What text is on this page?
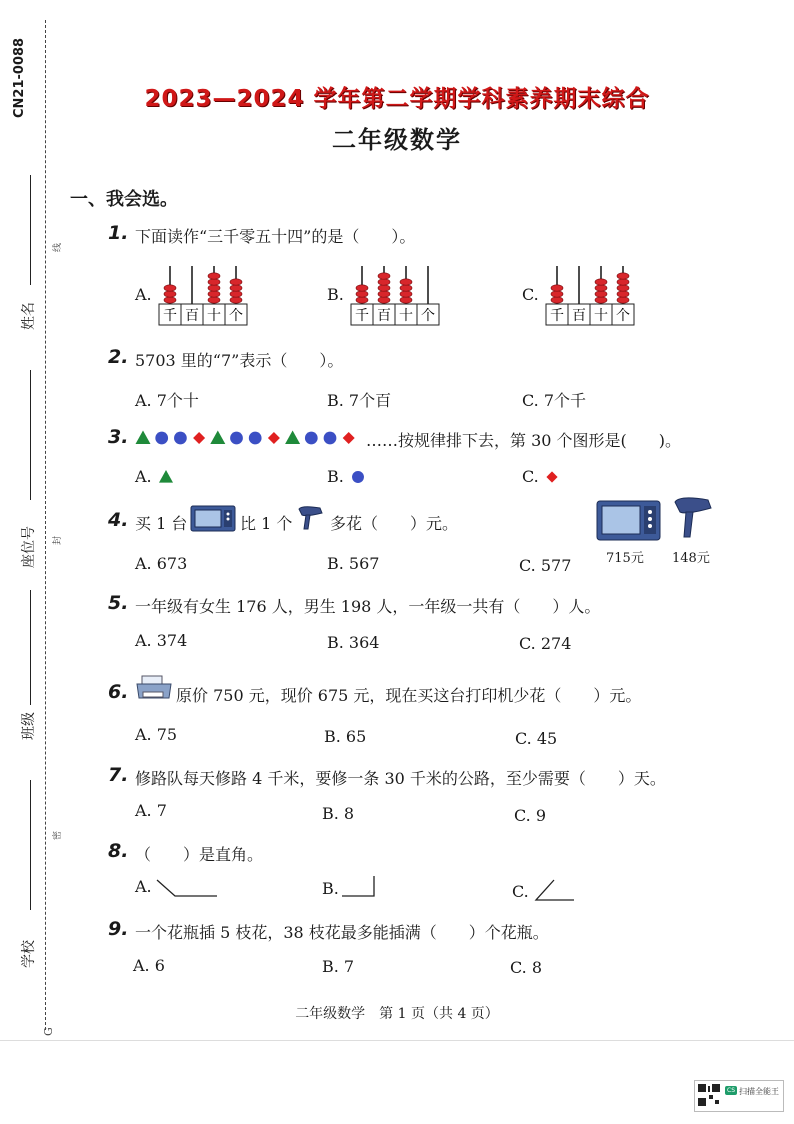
CN21-0088
线
封
密
G
姓名
座位号
班级
学校
2023—2024 学年第二学期学科素养期末综合
二年级数学
一、我会选。
1. 下面读作“三千零五十四”的是（　　）。
A.
千 百 十 个
B.
千 百 十 个
C.
千 百 十 个
2. 5703 里的“7”表示（　　）。
A. 7个十	B. 7个百	C. 7个千
3.	……按规律排下去，第 30 个图形是(　　)。
A.	B.	C.
4. 买 1 台	比 1 个 多花（　　）元。
715元 148元
A. 673	B. 567	C. 577
5. 一年级有女生 176 人，男生 198 人，一年级一共有（　　）人。
A. 374	B. 364	C. 274
6.	原价 750 元，现价 675 元，现在买这台打印机少花（　　）元。
A. 75	B. 65	C. 45
7. 修路队每天修路 4 千米，要修一条 30 千米的公路，至少需要（　　）天。
A. 7	B. 8	C. 9
8. （　　）是直角。
A.	B.	C.
9. 一个花瓶插 5 枝花，38 枝花最多能插满（　　）个花瓶。
A. 6	B. 7	C. 8
二年级数学　第 1 页（共 4 页）
CS 扫描全能王
